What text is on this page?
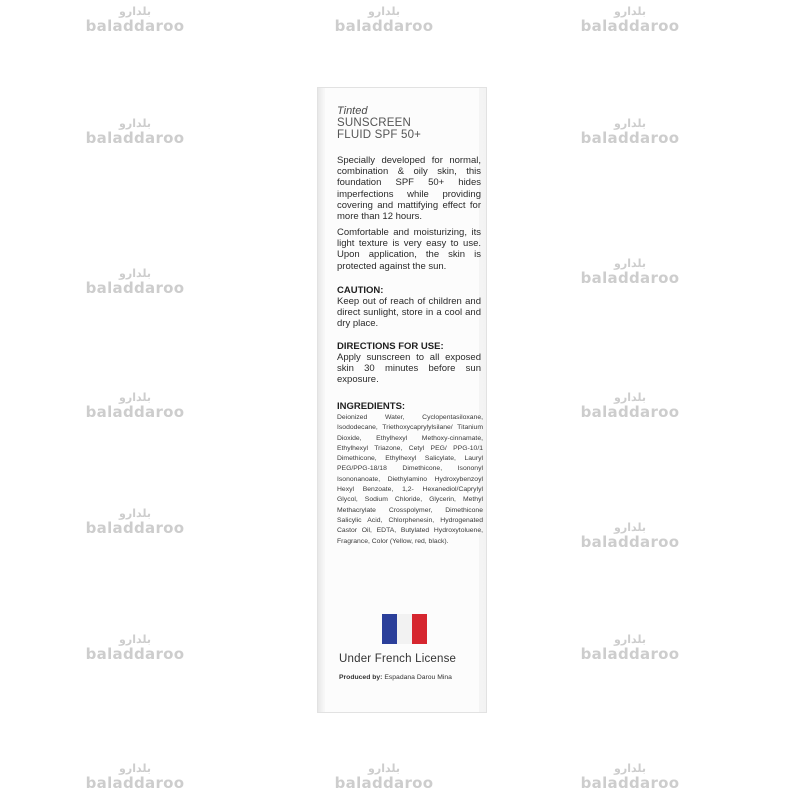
بلدارو
baladdaroo
بلدارو
baladdaroo
بلدارو
baladdaroo
بلدارو
baladdaroo
بلدارو
baladdaroo
بلدارو
baladdaroo
بلدارو
baladdaroo
بلدارو
baladdaroo
بلدارو
baladdaroo
بلدارو
baladdaroo	بلدارو
baladdaroo
بلدارو
baladdaroo
بلدارو
baladdaroo
بلدارو
baladdaroo
بلدارو
baladdaroo
بلدارو
baladdaroo
Tinted
SUNSCREEN
FLUID SPF 50+
Specially developed for normal, combination & oily skin, this foundation SPF 50+ hides imperfections while providing covering and mattifying effect for more than 12 hours.
Comfortable and moisturizing, its light texture is very easy to use. Upon application, the skin is protected against the sun.
CAUTION:
Keep out of reach of children and direct sunlight, store in a cool and dry place.
DIRECTIONS FOR USE:
Apply sunscreen to all exposed skin 30 minutes before sun exposure.
INGREDIENTS:
Deionized Water, Cyclopentasiloxane, Isododecane, Triethoxycaprylylsilane/ Titanium Dioxide, Ethylhexyl Methoxy-cinnamate, Ethylhexyl Triazone, Cetyl PEG/ PPG-10/1 Dimethicone, Ethylhexyl Salicylate, Lauryl PEG/PPG-18/18 Dimethicone, Isononyl Isononanoate, Diethylamino Hydroxybenzoyl Hexyl Benzoate, 1,2- Hexanediol/Caprylyl Glycol, Sodium Chloride, Glycerin, Methyl Methacrylate Crosspolymer, Dimethicone Salicylic Acid, Chlorphenesin, Hydrogenated Castor Oil, EDTA, Butylated Hydroxytoluene, Fragrance, Color (Yellow, red, black).
Under French License
Produced by: Espadana Darou Mina
